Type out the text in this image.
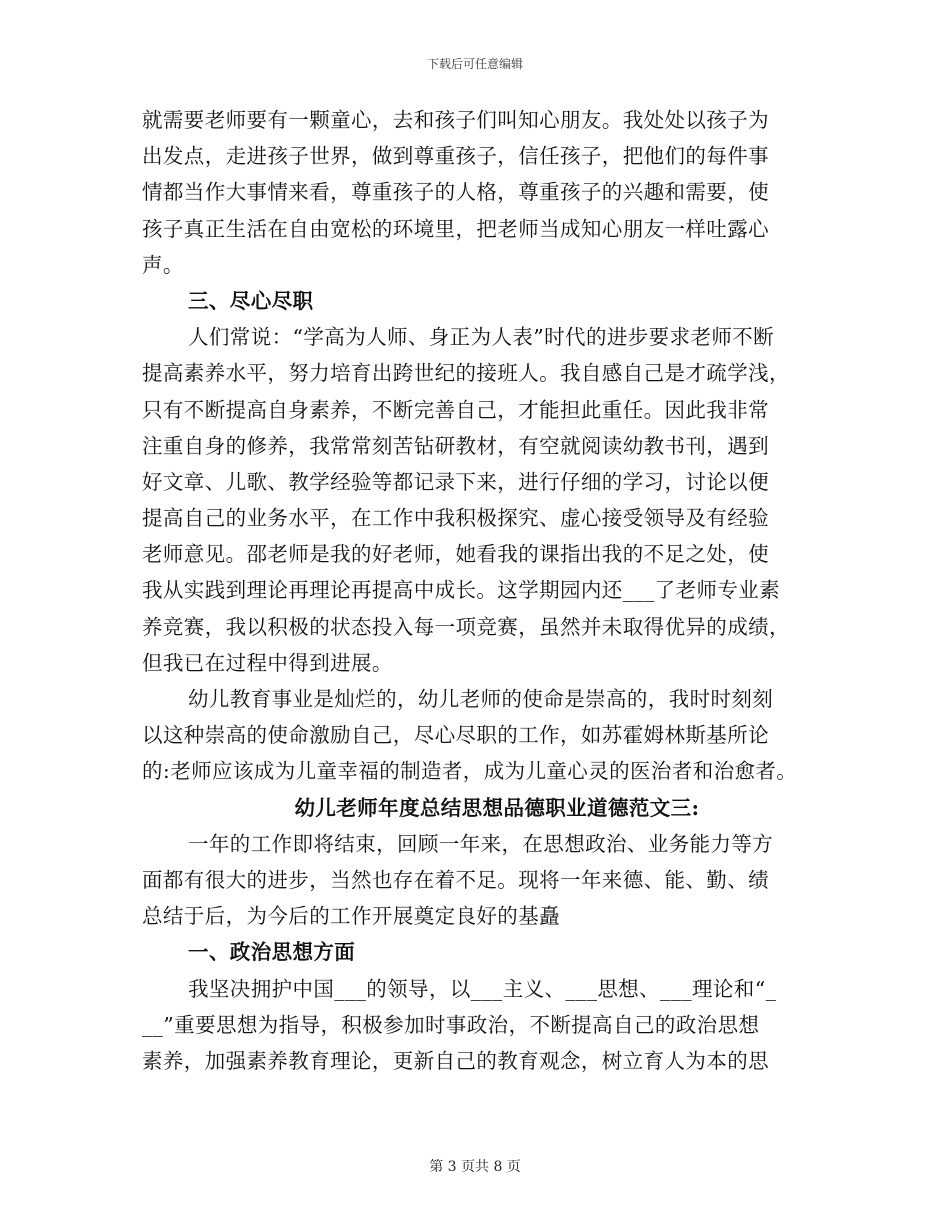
下载后可任意编辑
就需要老师要有一颗童心，去和孩子们叫知心朋友。我处处以孩子为
出发点，走进孩子世界，做到尊重孩子，信任孩子，把他们的每件事
情都当作大事情来看，尊重孩子的人格，尊重孩子的兴趣和需要，使
孩子真正生活在自由宽松的环境里，把老师当成知心朋友一样吐露心
声。
三、尽心尽职
人们常说：“学高为人师、身正为人表”时代的进步要求老师不断
提高素养水平，努力培育出跨世纪的接班人。我自感自己是才疏学浅，
只有不断提高自身素养，不断完善自己，才能担此重任。因此我非常
注重自身的修养，我常常刻苦钻研教材，有空就阅读幼教书刊，遇到
好文章、儿歌、教学经验等都记录下来，进行仔细的学习，讨论以便
提高自己的业务水平，在工作中我积极探究、虚心接受领导及有经验
老师意见。邵老师是我的好老师，她看我的课指出我的不足之处，使
我从实践到理论再理论再提高中成长。这学期园内还___了老师专业素
养竞赛，我以积极的状态投入每一项竞赛，虽然并未取得优异的成绩，
但我已在过程中得到进展。
幼儿教育事业是灿烂的，幼儿老师的使命是崇高的，我时时刻刻
以这种崇高的使命激励自己，尽心尽职的工作，如苏霍姆林斯基所论
的:老师应该成为儿童幸福的制造者，成为儿童心灵的医治者和治愈者。
幼儿老师年度总结思想品德职业道德范文三:
一年的工作即将结束，回顾一年来，在思想政治、业务能力等方
面都有很大的进步，当然也存在着不足。现将一年来德、能、勤、绩
总结于后，为今后的工作开展奠定良好的基矗
一、政治思想方面
我坚决拥护中国___的领导，以___主义、___思想、___理论和“_
__”重要思想为指导，积极参加时事政治，不断提高自己的政治思想
素养，加强素养教育理论，更新自己的教育观念，树立育人为本的思
第 3 页共 8 页
